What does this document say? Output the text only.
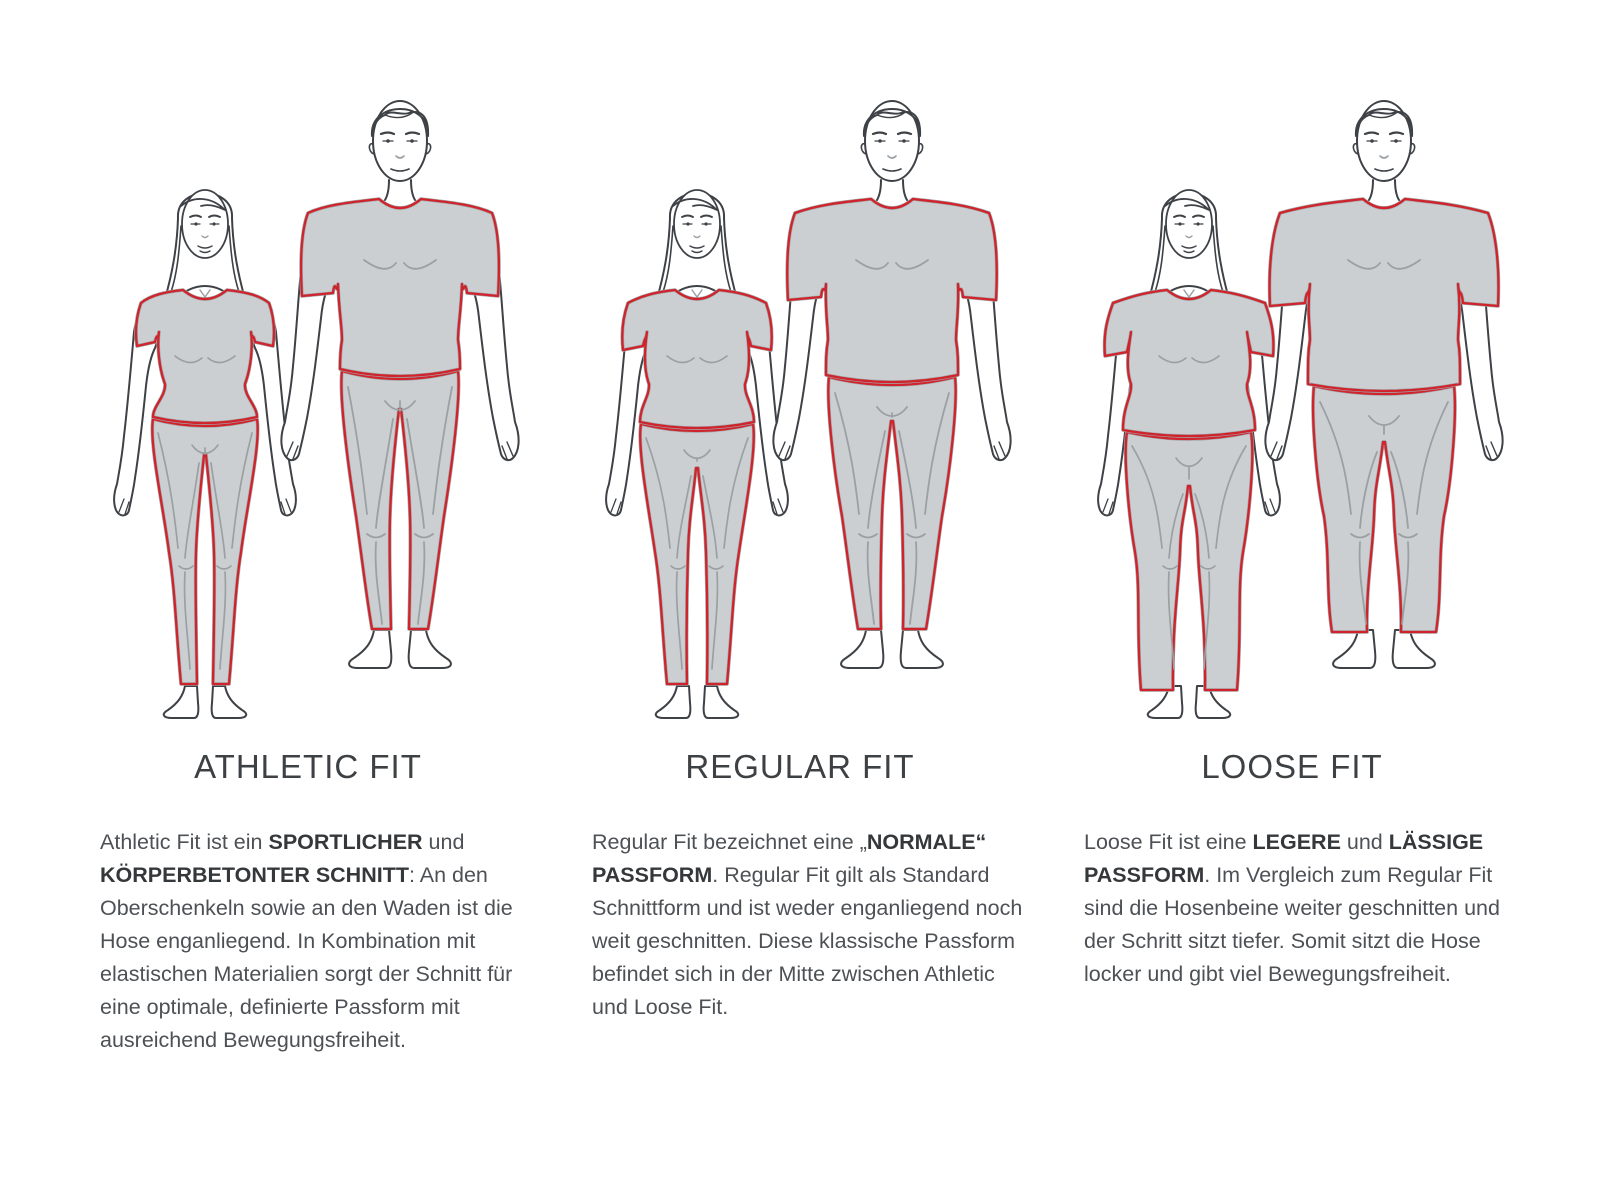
ATHLETIC FIT

Athletic Fit ist ein SPORTLICHER und KÖRPERBETONTER SCHNITT: An den Oberschenkeln sowie an den Waden ist die Hose enganliegend. In Kombination mit elastischen Materialien sorgt der Schnitt für eine optimale, definierte Passform mit ausreichend Bewegungsfreiheit.

REGULAR FIT

Regular Fit bezeichnet eine „NORMALE“ PASSFORM. Regular Fit gilt als Standard Schnittform und ist weder enganliegend noch weit geschnitten. Diese klassische Passform befindet sich in der Mitte zwischen Athletic und Loose Fit.

LOOSE FIT

Loose Fit ist eine LEGERE und LÄSSIGE PASSFORM. Im Vergleich zum Regular Fit sind die Hosenbeine weiter geschnitten und der Schritt sitzt tiefer. Somit sitzt die Hose locker und gibt viel Bewegungsfreiheit.
